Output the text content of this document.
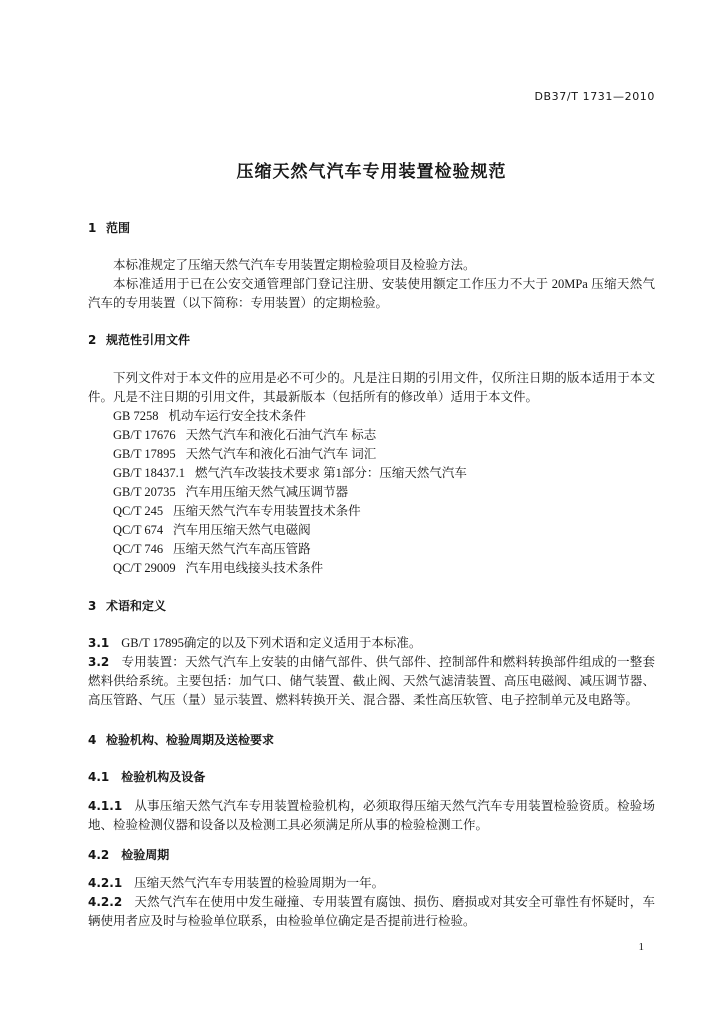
DB37/T 1731—2010
压缩天然气汽车专用装置检验规范
1 范围

本标准规定了压缩天然气汽车专用装置定期检验项目及检验方法。

本标准适用于已在公安交通管理部门登记注册、安装使用额定工作压力不大于 20MPa 压缩天然气汽车的专用装置（以下简称：专用装置）的定期检验。

2 规范性引用文件

下列文件对于本文件的应用是必不可少的。凡是注日期的引用文件，仅所注日期的版本适用于本文件。凡是不注日期的引用文件，其最新版本（包括所有的修改单）适用于本文件。

GB 7258 机动车运行安全技术条件

GB/T 17676 天然气汽车和液化石油气汽车 标志

GB/T 17895 天然气汽车和液化石油气汽车 词汇

GB/T 18437.1 燃气汽车改装技术要求 第1部分：压缩天然气汽车

GB/T 20735 汽车用压缩天然气减压调节器

QC/T 245 压缩天然气汽车专用装置技术条件

QC/T 674 汽车用压缩天然气电磁阀

QC/T 746 压缩天然气汽车高压管路

QC/T 29009 汽车用电线接头技术条件

3 术语和定义

3.1 GB/T 17895确定的以及下列术语和定义适用于本标准。

3.2 专用装置：天然气汽车上安装的由储气部件、供气部件、控制部件和燃料转换部件组成的一整套燃料供给系统。主要包括：加气口、储气装置、截止阀、天然气滤清装置、高压电磁阀、减压调节器、高压管路、气压（量）显示装置、燃料转换开关、混合器、柔性高压软管、电子控制单元及电路等。

4 检验机构、检验周期及送检要求
4.1 检验机构及设备

4.1.1 从事压缩天然气汽车专用装置检验机构，必须取得压缩天然气汽车专用装置检验资质。检验场地、检验检测仪器和设备以及检测工具必须满足所从事的检验检测工作。

4.2 检验周期

4.2.1 压缩天然气汽车专用装置的检验周期为一年。

4.2.2 天然气汽车在使用中发生碰撞、专用装置有腐蚀、损伤、磨损或对其安全可靠性有怀疑时，车辆使用者应及时与检验单位联系，由检验单位确定是否提前进行检验。

1
